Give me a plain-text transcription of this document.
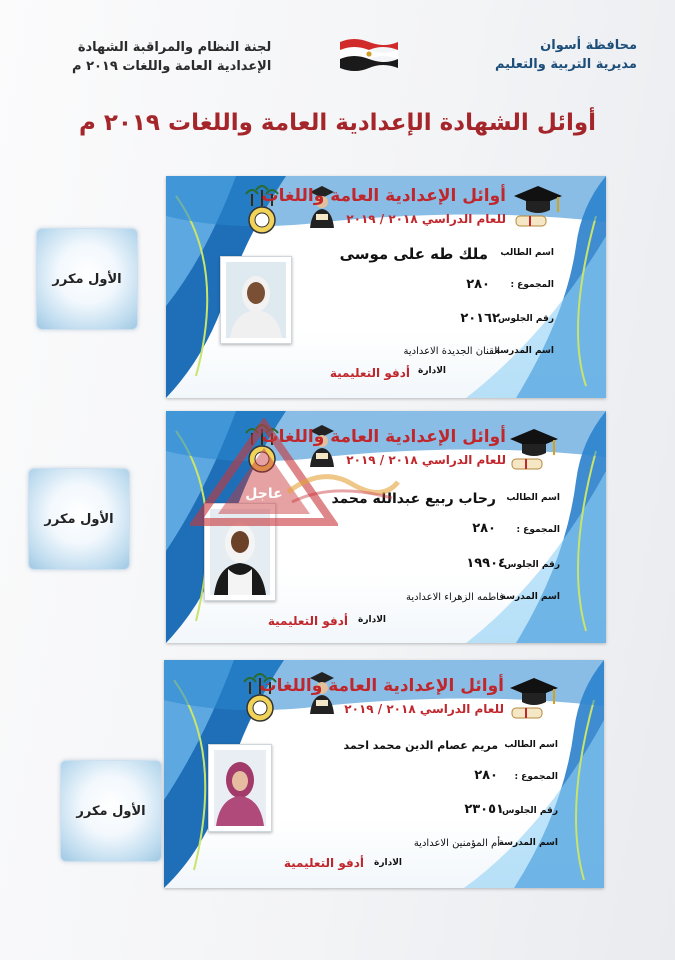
محافظة أسوان
مديرية التربية والتعليم
لجنة النظام والمراقبة الشهادة
الإعدادية العامة واللغات ٢٠١٩ م
أوائل الشهادة الإعدادية العامة واللغات ٢٠١٩ م
الأول مكرر
الأول مكرر
الأول مكرر
أوائل الإعدادية العامة واللغات
للعام الدراسي ٢٠١٨ / ٢٠١٩
اسم الطالب
ملك طه على موسى
المجموع :
٢٨٠
رقم الجلوس
٢٠١٦٢
اسم المدرسة
القنان الجديدة الاعدادية
الادارة
أدفو التعليمية
أوائل الإعدادية العامة واللغات
للعام الدراسي ٢٠١٨ / ٢٠١٩
اسم الطالب
رحاب ربيع عبدالله محمد
المجموع :
٢٨٠
رقم الجلوس
١٩٩٠٤
اسم المدرسة
فاطمه الزهراء الاعدادية
الادارة
أدفو التعليمية
أوائل الإعدادية العامة واللغات
للعام الدراسي ٢٠١٨ / ٢٠١٩
اسم الطالب
مريم عصام الدين محمد احمد
المجموع :
٢٨٠
رقم الجلوس
٢٣٠٥١
اسم المدرسة
أم المؤمنين الاعدادية
الادارة
أدفو التعليمية
عاجل
